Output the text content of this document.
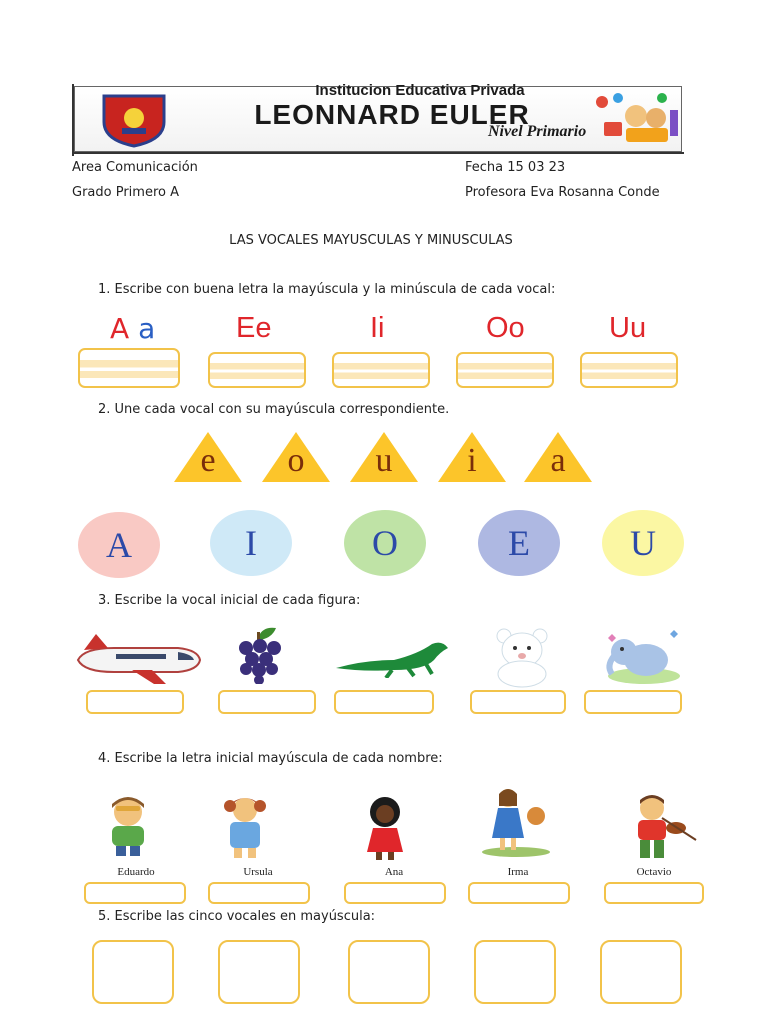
Institucion Educativa Privada
LEONNARD EULER
Nivel Primario
Area Comunicación	Fecha 15 03 23
Grado Primero A	Profesora Eva Rosanna Conde
LAS VOCALES MAYUSCULAS Y MINUSCULAS
1. Escribe con buena letra la mayúscula y la minúscula de cada vocal:
A a	Ee	Ii	Oo	Uu
2. Une cada vocal con su mayúscula correspondiente.
e	o	u	i	a
A	I	O	E	U
3. Escribe la vocal inicial de cada figura:
4. Escribe la letra inicial mayúscula de cada nombre:
Eduardo	Ursula	Ana	Irma	Octavio
5. Escribe las cinco vocales en mayúscula:
